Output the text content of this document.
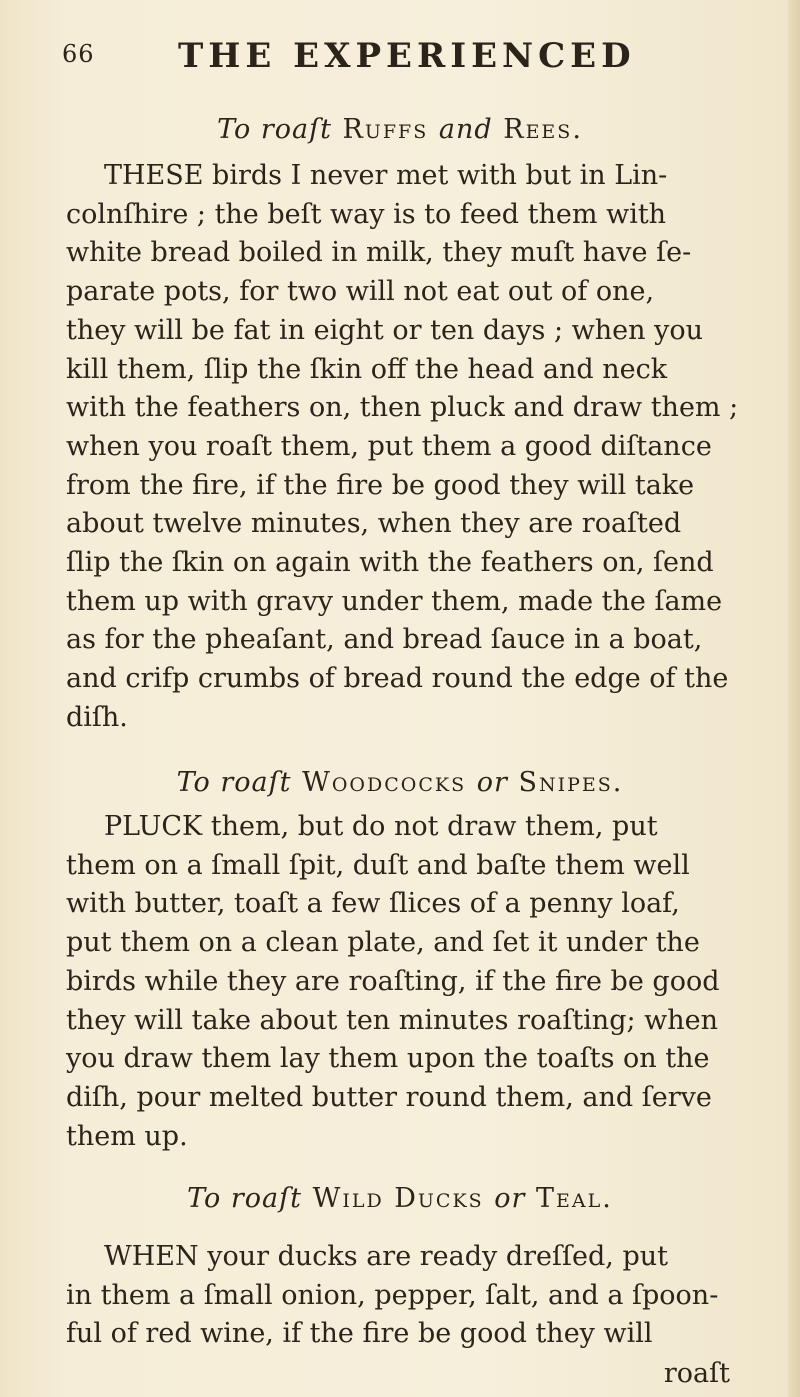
66 THE EXPERIENCED
To roaſt Ruffs and Rees.
THESE birds I never met with but in Lin-
colnſhire ; the beſt way is to feed them with
white bread boiled in milk, they muſt have ſe-
parate pots, for two will not eat out of one,
they will be fat in eight or ten days ; when you
kill them, ſlip the ſkin off the head and neck
with the feathers on, then pluck and draw them ;
when you roaſt them, put them a good diſtance
from the fire, if the fire be good they will take
about twelve minutes, when they are roaſted
ſlip the ſkin on again with the feathers on, ſend
them up with gravy under them, made the ſame
as for the pheaſant, and bread ſauce in a boat,
and crifp crumbs of bread round the edge of the
diſh.
To roaſt Woodcocks or Snipes.
PLUCK them, but do not draw them, put
them on a ſmall ſpit, duſt and baſte them well
with butter, toaſt a few ſlices of a penny loaf,
put them on a clean plate, and ſet it under the
birds while they are roaſting, if the fire be good
they will take about ten minutes roaſting; when
you draw them lay them upon the toaſts on the
diſh, pour melted butter round them, and ſerve
them up.
To roaſt Wild Ducks or Teal.
WHEN your ducks are ready dreſſed, put
in them a ſmall onion, pepper, ſalt, and a ſpoon-
ful of red wine, if the fire be good they will
roaſt
